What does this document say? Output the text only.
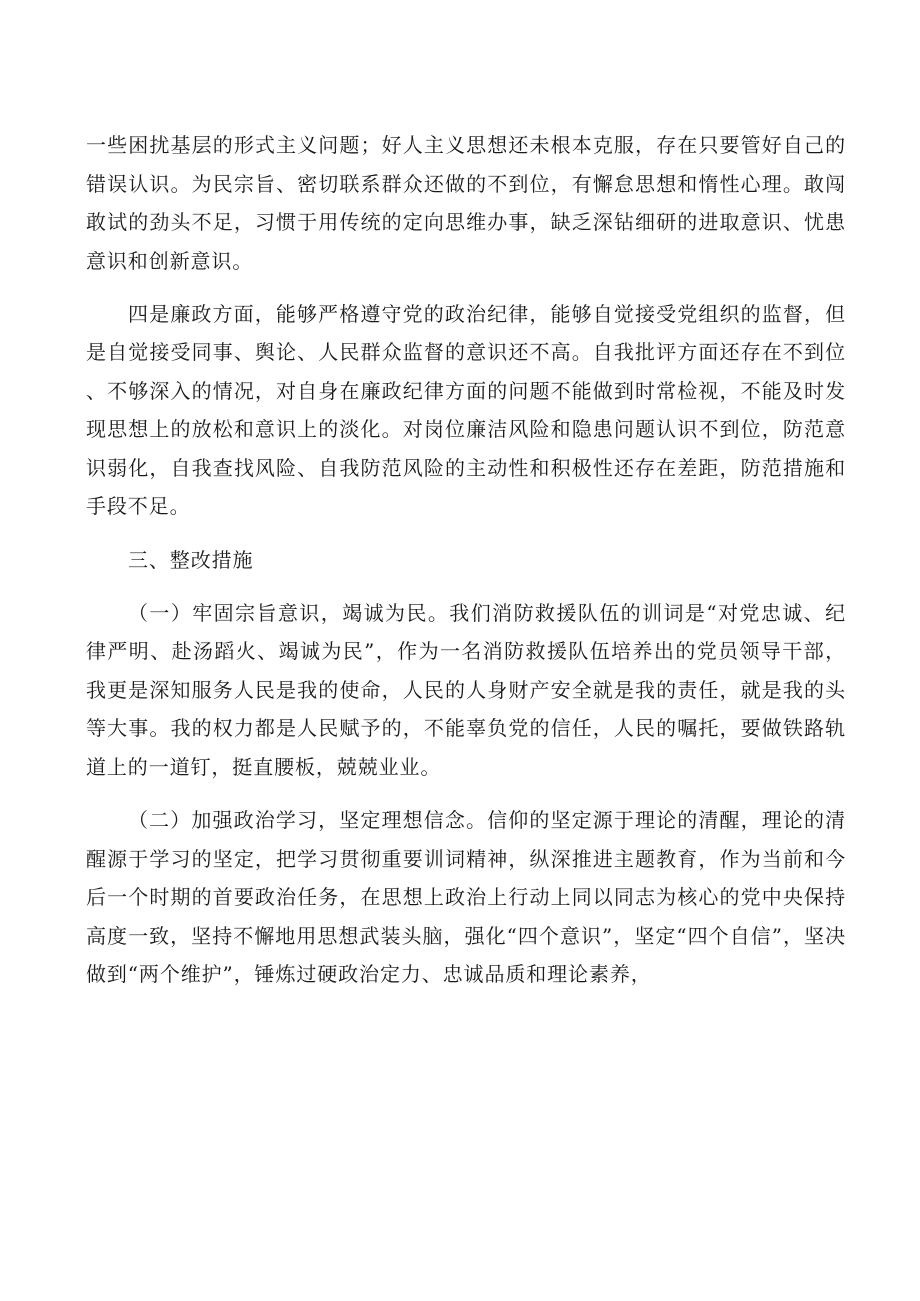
一些困扰基层的形式主义问题；好人主义思想还未根本克服，存在只要管好自己的错误认识。为民宗旨、密切联系群众还做的不到位，有懈怠思想和惰性心理。敢闯敢试的劲头不足，习惯于用传统的定向思维办事，缺乏深钻细研的进取意识、忧患意识和创新意识。

四是廉政方面，能够严格遵守党的政治纪律，能够自觉接受党组织的监督，但是自觉接受同事、舆论、人民群众监督的意识还不高。自我批评方面还存在不到位、不够深入的情况，对自身在廉政纪律方面的问题不能做到时常检视，不能及时发现思想上的放松和意识上的淡化。对岗位廉洁风险和隐患问题认识不到位，防范意识弱化，自我查找风险、自我防范风险的主动性和积极性还存在差距，防范措施和手段不足。

三、整改措施

（一）牢固宗旨意识，竭诚为民。我们消防救援队伍的训词是“对党忠诚、纪律严明、赴汤蹈火、竭诚为民”，作为一名消防救援队伍培养出的党员领导干部，我更是深知服务人民是我的使命，人民的人身财产安全就是我的责任，就是我的头等大事。我的权力都是人民赋予的，不能辜负党的信任，人民的嘱托，要做铁路轨道上的一道钉，挺直腰板，兢兢业业。

（二）加强政治学习，坚定理想信念。信仰的坚定源于理论的清醒，理论的清醒源于学习的坚定，把学习贯彻重要训词精神，纵深推进主题教育，作为当前和今后一个时期的首要政治任务，在思想上政治上行动上同以同志为核心的党中央保持高度一致，坚持不懈地用思想武装头脑，强化“四个意识”，坚定“四个自信”，坚决做到“两个维护”，锤炼过硬政治定力、忠诚品质和理论素养，
